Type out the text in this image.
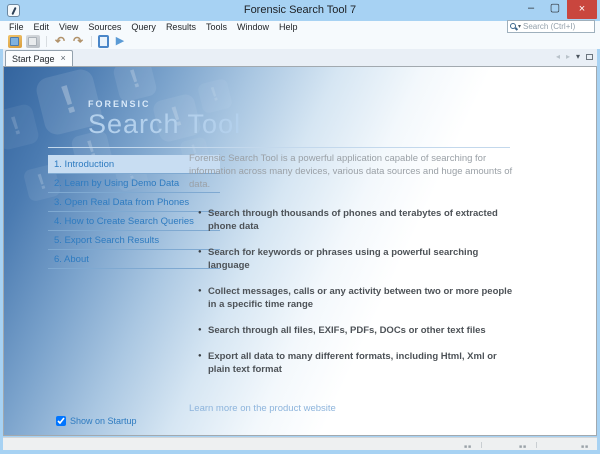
Forensic Search Tool 7	–	▢	×
File	Edit	View	Sources	Query	Results	Tools	Window	Help	▾
Search (Ctrl+I)
↶ ↷	▶
Start Page ×	◂ ▸ ▾
!
!
!
!
!
!
!
!
!
FORENSIC
Search Tool
1. Introduction
2. Learn by Using Demo Data
3. Open Real Data from Phones
4. How to Create Search Queries
5. Export Search Results
6. About

Forensic Search Tool is a powerful application capable of searching for information across many devices, various data sources and huge amounts of data.

● Search through thousands of phones and terabytes of extracted phone data
● Search for keywords or phrases using a powerful searching language
● Collect messages, calls or any activity between two or more people in a specific time range
● Search through all files, EXIFs, PDFs, DOCs or other text files
● Export all data to many different formats, including Html, Xml or plain text format
Learn more on the product website
Show on Startup
■■	■■	■■
